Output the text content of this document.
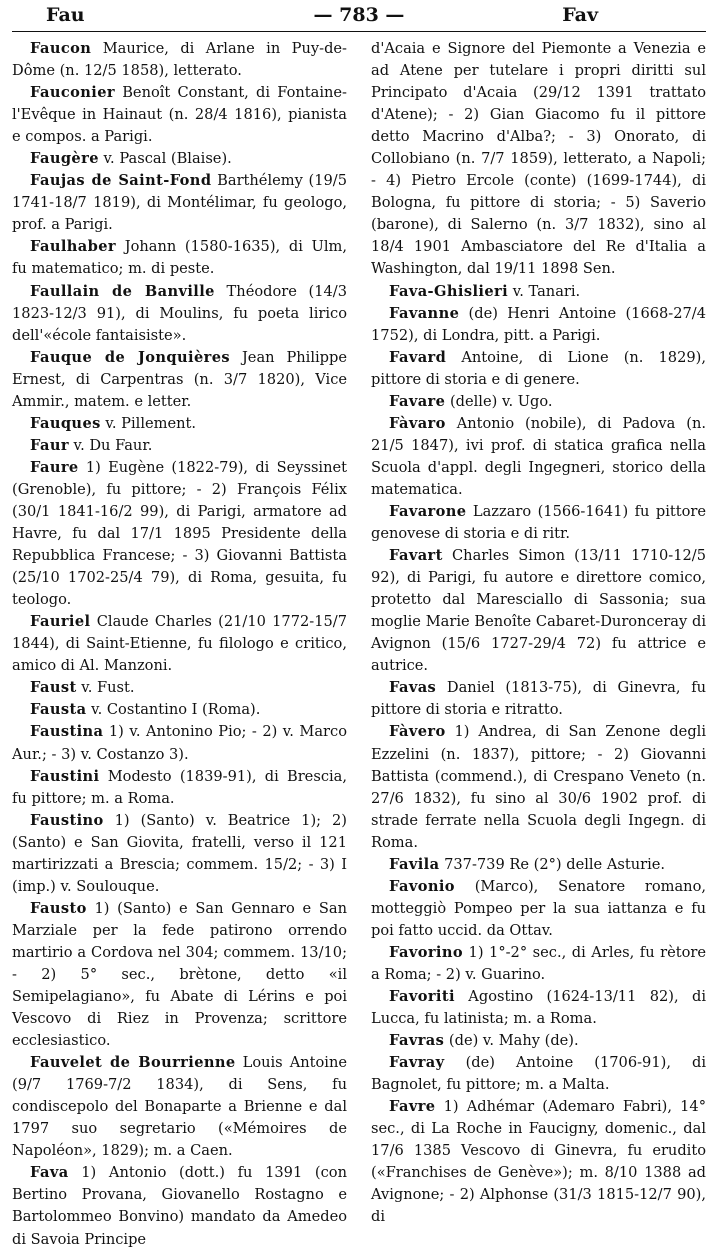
Fau	— 783 —	Fav

Faucon Maurice, di Arlane in Puy-de-Dôme (n. 12/5 1858), letterato.

Fauconier Benoît Constant, di Fontaine-l'Evêque in Hainaut (n. 28/4 1816), pianista e compos. a Parigi.

Faugère v. Pascal (Blaise).

Faujas de Saint-Fond Barthélemy (19/5 1741-18/7 1819), di Montélimar, fu geologo, prof. a Parigi.

Faulhaber Johann (1580-1635), di Ulm, fu matematico; m. di peste.

Faullain de Banville Théodore (14/3 1823-12/3 91), di Moulins, fu poeta lirico dell'«école fantaisiste».

Fauque de Jonquières Jean Philippe Ernest, di Carpentras (n. 3/7 1820), Vice Ammir., matem. e letter.

Fauques v. Pillement.

Faur v. Du Faur.

Faure 1) Eugène (1822-79), di Seyssinet (Grenoble), fu pittore; - 2) François Félix (30/1 1841-16/2 99), di Parigi, armatore ad Havre, fu dal 17/1 1895 Presidente della Repubblica Francese; - 3) Giovanni Battista (25/10 1702-25/4 79), di Roma, gesuita, fu teologo.

Fauriel Claude Charles (21/10 1772-15/7 1844), di Saint-Etienne, fu filologo e critico, amico di Al. Manzoni.

Faust v. Fust.

Fausta v. Costantino I (Roma).

Faustina 1) v. Antonino Pio; - 2) v. Marco Aur.; - 3) v. Costanzo 3).

Faustini Modesto (1839-91), di Brescia, fu pittore; m. a Roma.

Faustino 1) (Santo) v. Beatrice 1); 2) (Santo) e San Giovita, fratelli, verso il 121 martirizzati a Brescia; commem. 15/2; - 3) I (imp.) v. Soulouque.

Fausto 1) (Santo) e San Gennaro e San Marziale per la fede patirono orrendo martirio a Cordova nel 304; commem. 13/10; - 2) 5° sec., brètone, detto «il Semipelagiano», fu Abate di Lérins e poi Vescovo di Riez in Provenza; scrittore ecclesiastico.

Fauvelet de Bourrienne Louis Antoine (9/7 1769-7/2 1834), di Sens, fu condiscepolo del Bonaparte a Brienne e dal 1797 suo segretario («Mémoires de Napoléon», 1829); m. a Caen.

Fava 1) Antonio (dott.) fu 1391 (con Bertino Provana, Giovanello Rostagno e Bartolommeo Bonvino) mandato da Amedeo di Savoia Principe

d'Acaia e Signore del Piemonte a Venezia e ad Atene per tutelare i propri diritti sul Principato d'Acaia (29/12 1391 trattato d'Atene); - 2) Gian Giacomo fu il pittore detto Macrino d'Alba?; - 3) Onorato, di Collobiano (n. 7/7 1859), letterato, a Napoli; - 4) Pietro Ercole (conte) (1699-1744), di Bologna, fu pittore di storia; - 5) Saverio (barone), di Salerno (n. 3/7 1832), sino al 18/4 1901 Ambasciatore del Re d'Italia a Washington, dal 19/11 1898 Sen.

Fava-Ghislieri v. Tanari.

Favanne (de) Henri Antoine (1668-27/4 1752), di Londra, pitt. a Parigi.

Favard Antoine, di Lione (n. 1829), pittore di storia e di genere.

Favare (delle) v. Ugo.

Fàvaro Antonio (nobile), di Padova (n. 21/5 1847), ivi prof. di statica grafica nella Scuola d'appl. degli Ingegneri, storico della matematica.

Favarone Lazzaro (1566-1641) fu pittore genovese di storia e di ritr.

Favart Charles Simon (13/11 1710-12/5 92), di Parigi, fu autore e direttore comico, protetto dal Maresciallo di Sassonia; sua moglie Marie Benoîte Cabaret-Duronceray di Avignon (15/6 1727-29/4 72) fu attrice e autrice.

Favas Daniel (1813-75), di Ginevra, fu pittore di storia e ritratto.

Fàvero 1) Andrea, di San Zenone degli Ezzelini (n. 1837), pittore; - 2) Giovanni Battista (commend.), di Crespano Veneto (n. 27/6 1832), fu sino al 30/6 1902 prof. di strade ferrate nella Scuola degli Ingegn. di Roma.

Favila 737-739 Re (2°) delle Asturie.

Favonio (Marco), Senatore romano, motteggiò Pompeo per la sua iattanza e fu poi fatto uccid. da Ottav.

Favorino 1) 1°-2° sec., di Arles, fu rètore a Roma; - 2) v. Guarino.

Favoriti Agostino (1624-13/11 82), di Lucca, fu latinista; m. a Roma.

Favras (de) v. Mahy (de).

Favray (de) Antoine (1706-91), di Bagnolet, fu pittore; m. a Malta.

Favre 1) Adhémar (Ademaro Fabri), 14° sec., di La Roche in Faucigny, domenic., dal 17/6 1385 Vescovo di Ginevra, fu erudito («Franchises de Genève»); m. 8/10 1388 ad Avignone; - 2) Alphonse (31/3 1815-12/7 90), di
